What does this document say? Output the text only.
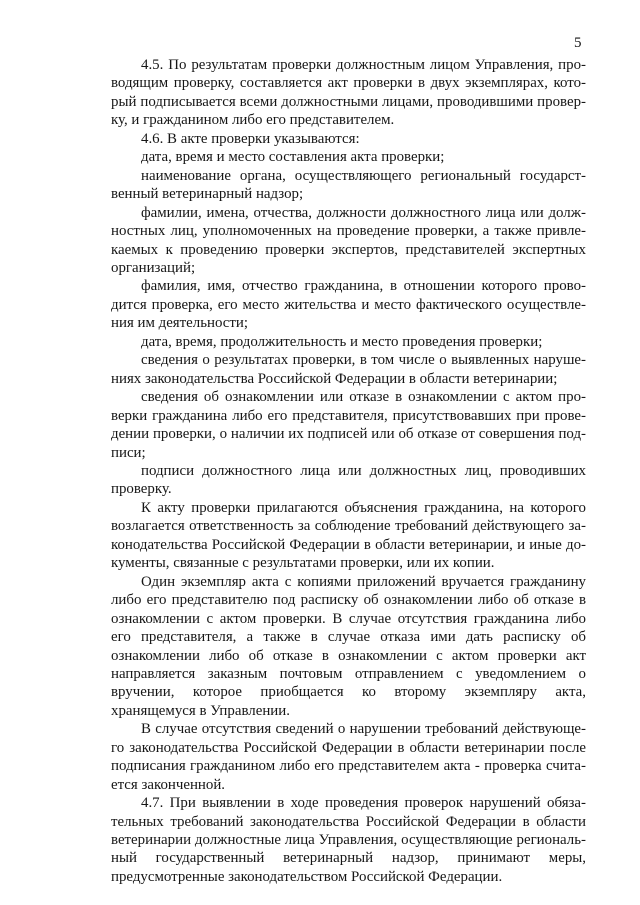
5

4.5. По результатам проверки должностным лицом Управления, проводящим проверку, составляется акт проверки в двух экземплярах, который подписывается всеми должностными лицами, проводившими проверку, и гражданином либо его представителем.

4.6. В акте проверки указываются:

дата, время и место составления акта проверки;

наименование органа, осуществляющего региональный государственный ветеринарный надзор;

фамилии, имена, отчества, должности должностного лица или должностных лиц, уполномоченных на проведение проверки, а также привлекаемых к проведению проверки экспертов, представителей экспертных организаций;

фамилия, имя, отчество гражданина, в отношении которого проводится проверка, его место жительства и место фактического осуществления им деятельности;

дата, время, продолжительность и место проведения проверки;

сведения о результатах проверки, в том числе о выявленных нарушениях законодательства Российской Федерации в области ветеринарии;

сведения об ознакомлении или отказе в ознакомлении с актом проверки гражданина либо его представителя, присутствовавших при проведении проверки, о наличии их подписей или об отказе от совершения подписи;

подписи должностного лица или должностных лиц, проводивших проверку.

К акту проверки прилагаются объяснения гражданина, на которого возлагается ответственность за соблюдение требований действующего законодательства Российской Федерации в области ветеринарии, и иные документы, связанные с результатами проверки, или их копии.

Один экземпляр акта с копиями приложений вручается гражданину либо его представителю под расписку об ознакомлении либо об отказе в ознакомлении с актом проверки. В случае отсутствия гражданина либо его представителя, а также в случае отказа ими дать расписку об ознакомлении либо об отказе в ознакомлении с актом проверки акт направляется заказным почтовым отправлением с уведомлением о вручении, которое приобщается ко второму экземпляру акта, хранящемуся в Управлении.

В случае отсутствия сведений о нарушении требований действующего законодательства Российской Федерации в области ветеринарии после подписания гражданином либо его представителем акта - проверка считается законченной.

4.7. При выявлении в ходе проведения проверок нарушений обязательных требований законодательства Российской Федерации в области ветеринарии должностные лица Управления, осуществляющие региональный государственный ветеринарный надзор, принимают меры, предусмотренные законодательством Российской Федерации.
